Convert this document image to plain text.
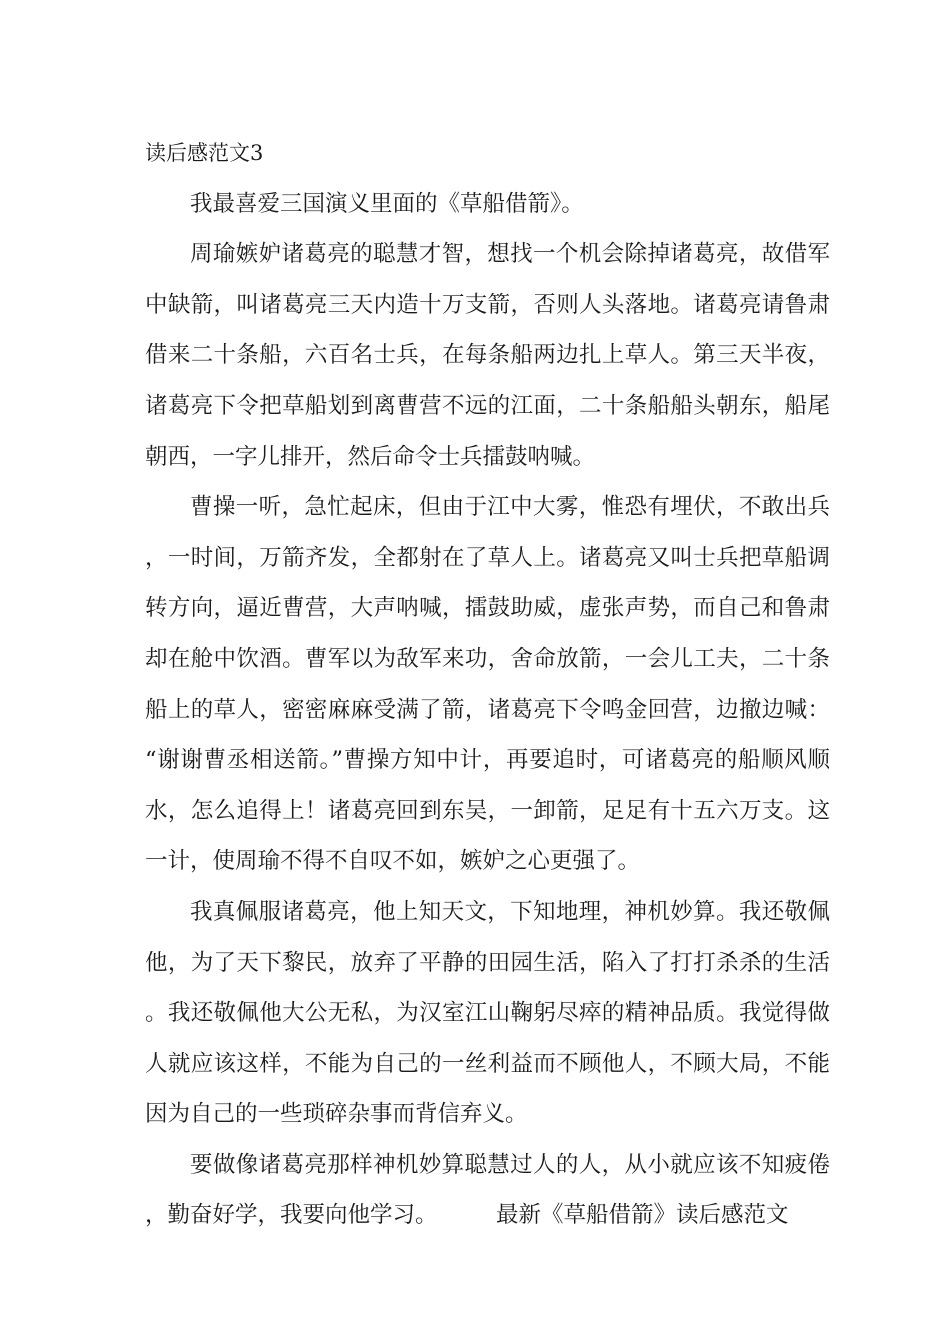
读后感范文3

我最喜爱三国演义里面的《草船借箭》。

周瑜嫉妒诸葛亮的聪慧才智，想找一个机会除掉诸葛亮，故借军中缺箭，叫诸葛亮三天内造十万支箭，否则人头落地。诸葛亮请鲁肃借来二十条船，六百名士兵，在每条船两边扎上草人。第三天半夜，诸葛亮下令把草船划到离曹营不远的江面，二十条船船头朝东，船尾朝西，一字儿排开，然后命令士兵擂鼓呐喊。

曹操一听，急忙起床，但由于江中大雾，惟恐有埋伏，不敢出兵，一时间，万箭齐发，全都射在了草人上。诸葛亮又叫士兵把草船调转方向，逼近曹营，大声呐喊，擂鼓助威，虚张声势，而自己和鲁肃却在舱中饮酒。曹军以为敌军来功，舍命放箭，一会儿工夫，二十条船上的草人，密密麻麻受满了箭，诸葛亮下令鸣金回营，边撤边喊：“谢谢曹丞相送箭。”曹操方知中计，再要追时，可诸葛亮的船顺风顺水，怎么追得上！诸葛亮回到东吴，一卸箭，足足有十五六万支。这一计，使周瑜不得不自叹不如，嫉妒之心更强了。

我真佩服诸葛亮，他上知天文，下知地理，神机妙算。我还敬佩他，为了天下黎民，放弃了平静的田园生活，陷入了打打杀杀的生活。我还敬佩他大公无私，为汉室江山鞠躬尽瘁的精神品质。我觉得做人就应该这样，不能为自己的一丝利益而不顾他人，不顾大局，不能因为自己的一些琐碎杂事而背信弃义。

要做像诸葛亮那样神机妙算聪慧过人的人，从小就应该不知疲倦，勤奋好学，我要向他学习。	最新《草船借箭》读后感范文
